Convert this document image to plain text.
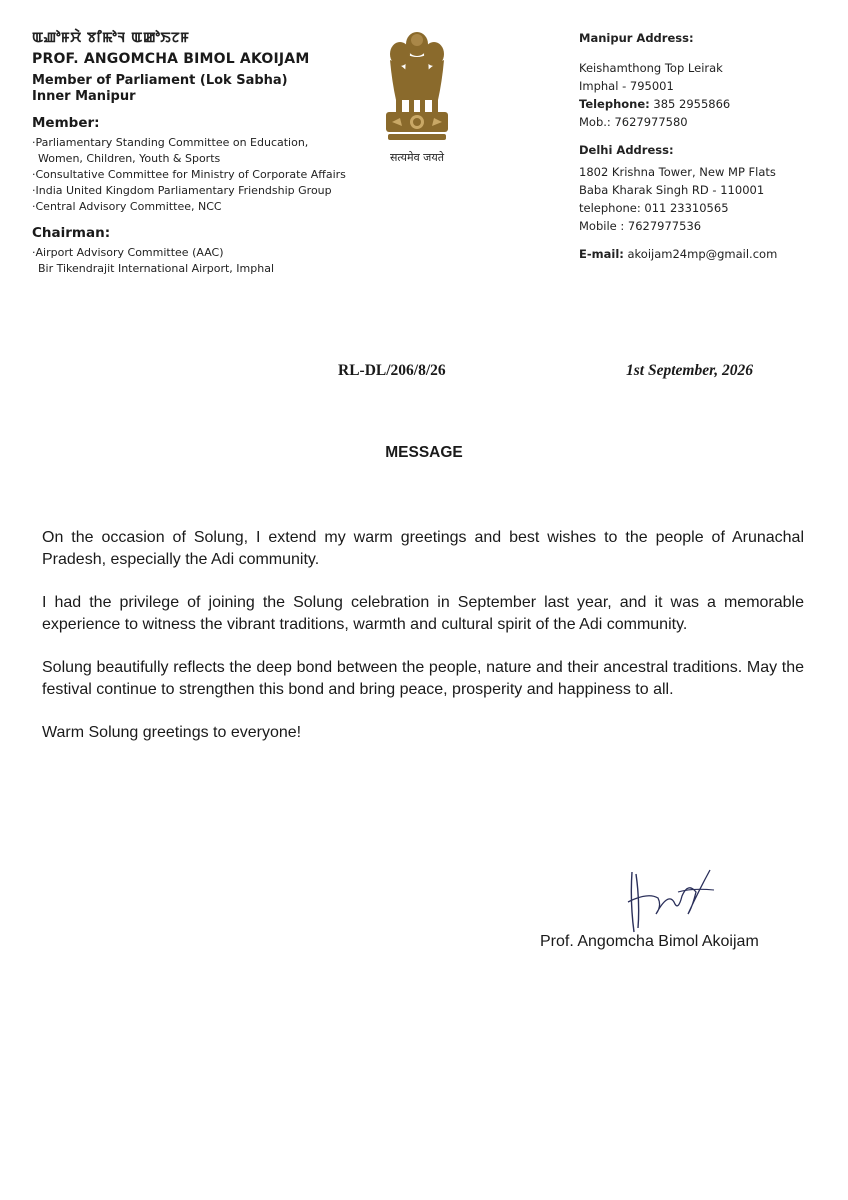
ꯑꯉꯣꯝꯆꯥ ꯕꯤꯃꯣꯜ ꯑꯀꯣꯏꯖꯝ
PROF. ANGOMCHA BIMOL AKOIJAM
Member of Parliament (Lok Sabha)
Inner Manipur
Member:
· Parliamentary Standing Committee on Education,
Women, Children, Youth & Sports
· Consultative Committee for Ministry of Corporate Affairs
· India United Kingdom Parliamentary Friendship Group
· Central Advisory Committee, NCC
Chairman:
· Airport Advisory Committee (AAC)
Bir Tikendrajit International Airport, Imphal
सत्यमेव जयते
Manipur Address:
Keishamthong Top Leirak
Imphal - 795001
Telephone: 385 2955866
Mob.: 7627977580
Delhi Address:
1802 Krishna Tower, New MP Flats
Baba Kharak Singh RD - 110001
telephone: 011 23310565
Mobile : 7627977536
E-mail: akoijam24mp@gmail.com
RL-DL/206/8/26	1st September, 2026
MESSAGE

On the occasion of Solung, I extend my warm greetings and best wishes to the people of Arunachal Pradesh, especially the Adi community.

I had the privilege of joining the Solung celebration in September last year, and it was a memorable experience to witness the vibrant traditions, warmth and cultural spirit of the Adi community.

Solung beautifully reflects the deep bond between the people, nature and their ancestral traditions. May the festival continue to strengthen this bond and bring peace, prosperity and happiness to all.

Warm Solung greetings to everyone!

Prof. Angomcha Bimol Akoijam
